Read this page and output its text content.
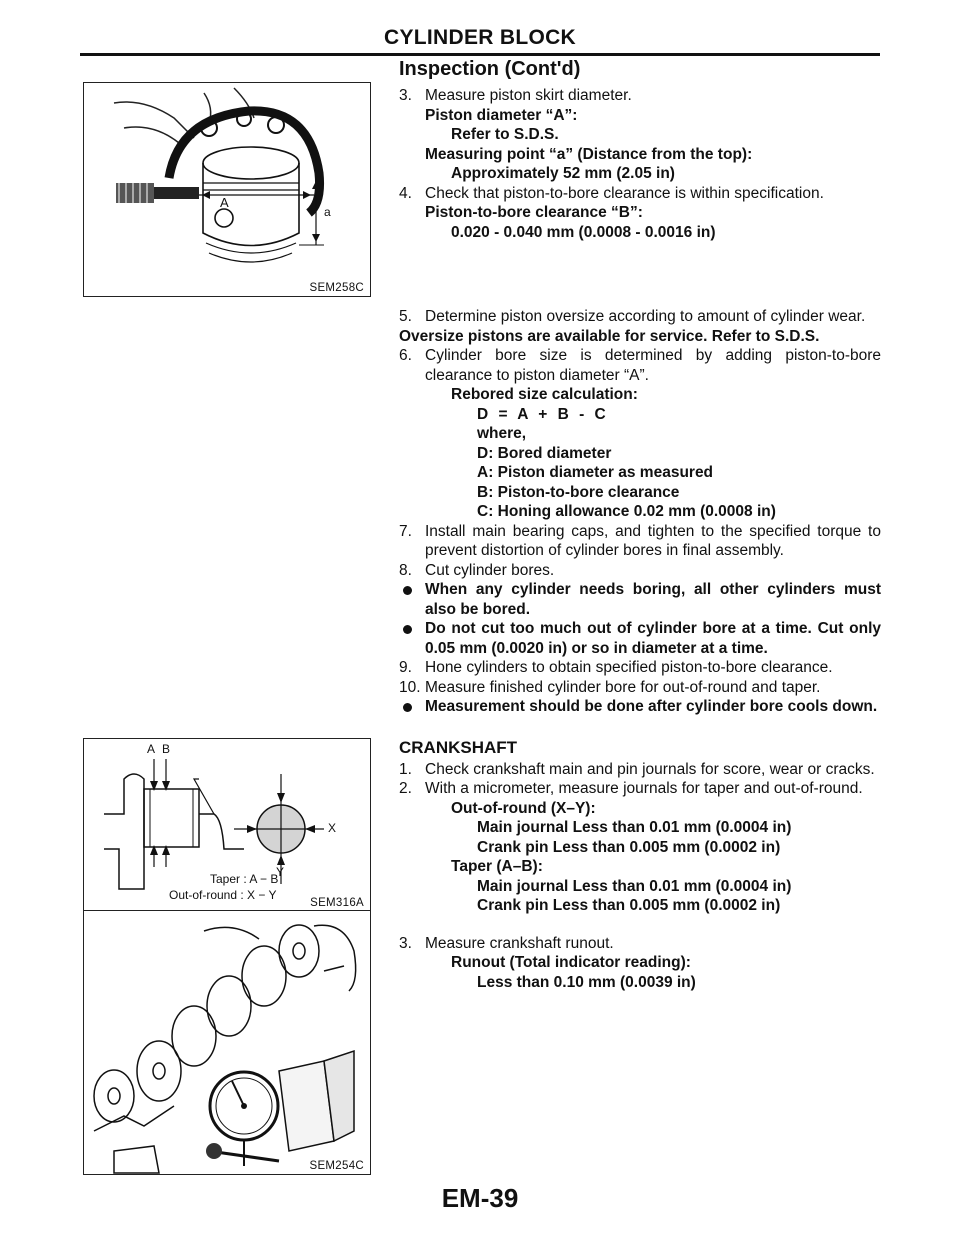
CYLINDER BLOCK
Inspection (Cont'd)
A
a
SEM258C
A B
X
Y
Taper : A − B
Out-of-round : X − Y
SEM316A
SEM254C
3. Measure piston skirt diameter.
Piston diameter “A”:
Refer to S.D.S.
Measuring point “a” (Distance from the top):
Approximately 52 mm (2.05 in)
4. Check that piston-to-bore clearance is within specification.
Piston-to-bore clearance “B”:
0.020 - 0.040 mm (0.0008 - 0.0016 in)
5. Determine piston oversize according to amount of cylinder wear.
Oversize pistons are available for service. Refer to S.D.S.
6. Cylinder bore size is determined by adding piston-to-bore clearance to piston diameter “A”.
Rebored size calculation:
D = A + B - C
where,
D: Bored diameter
A: Piston diameter as measured
B: Piston-to-bore clearance
C: Honing allowance 0.02 mm (0.0008 in)
7. Install main bearing caps, and tighten to the specified torque to prevent distortion of cylinder bores in final assembly.
8. Cut cylinder bores.
When any cylinder needs boring, all other cylinders must also be bored.
Do not cut too much out of cylinder bore at a time. Cut only 0.05 mm (0.0020 in) or so in diameter at a time.
9. Hone cylinders to obtain specified piston-to-bore clearance.
10. Measure finished cylinder bore for out-of-round and taper.
Measurement should be done after cylinder bore cools down.
CRANKSHAFT
1. Check crankshaft main and pin journals for score, wear or cracks.
2. With a micrometer, measure journals for taper and out-of-round.
Out-of-round (X–Y):
Main journal Less than 0.01 mm (0.0004 in)
Crank pin Less than 0.005 mm (0.0002 in)
Taper (A–B):
Main journal Less than 0.01 mm (0.0004 in)
Crank pin Less than 0.005 mm (0.0002 in)
3. Measure crankshaft runout.
Runout (Total indicator reading):
Less than 0.10 mm (0.0039 in)
EM-39
